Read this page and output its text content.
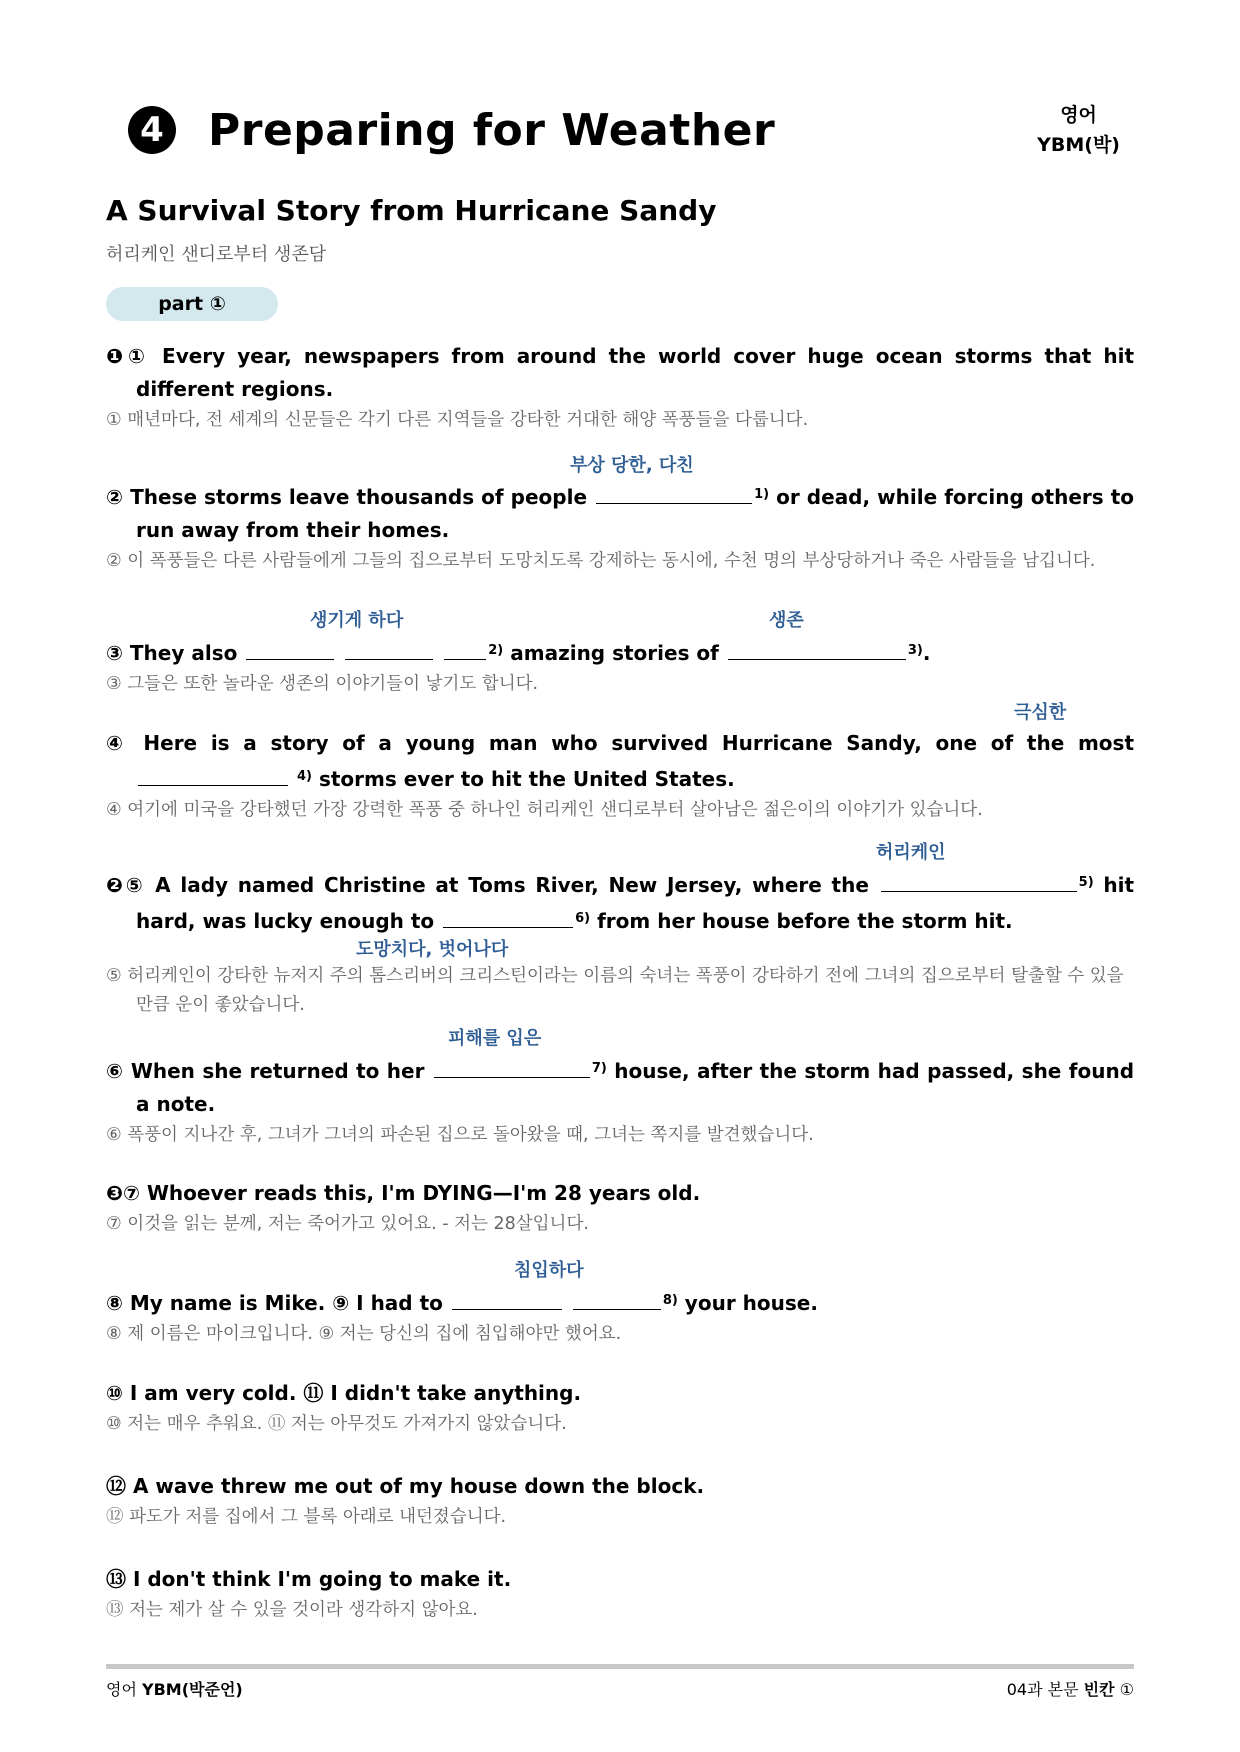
4 Preparing for Weather	영어
YBM(박)
A Survival Story from Hurricane Sandy
허리케인 샌디로부터 생존담
part ①
❶① Every year, newspapers from around the world cover huge ocean storms that hit different regions.
① 매년마다, 전 세계의 신문들은 각기 다른 지역들을 강타한 거대한 해양 폭풍들을 다룹니다.
부상 당한, 다친
② These storms leave thousands of people	$^{1)}$ or dead, while forcing others to run away from their homes.
② 이 폭풍들은 다른 사람들에게 그들의 집으로부터 도망치도록 강제하는 동시에, 수천 명의 부상당하거나 죽은 사람들을 남깁니다.
생기게 하다	생존
③ They also	$^{2)}$ amazing stories of	$^{3)}$.
③ 그들은 또한 놀라운 생존의 이야기들이 낳기도 합니다.
극심한
④ Here is a story of a young man who survived Hurricane Sandy, one of the most  $^{4)}$ storms ever to hit the United States.
④ 여기에 미국을 강타했던 가장 강력한 폭풍 중 하나인 허리케인 샌디로부터 살아남은 젊은이의 이야기가 있습니다.
허리케인
❷⑤ A lady named Christine at Toms River, New Jersey, where the	$^{5)}$ hit hard, was lucky enough to	$^{6)}$ from her house before the storm hit.
도망치다, 벗어나다
⑤ 허리케인이 강타한 뉴저지 주의 톰스리버의 크리스틴이라는 이름의 숙녀는 폭풍이 강타하기 전에 그녀의 집으로부터 탈출할 수 있을 만큼 운이 좋았습니다.
피해를 입은
⑥ When she returned to her	$^{7)}$ house, after the storm had passed, she found a note.
⑥ 폭풍이 지나간 후, 그녀가 그녀의 파손된 집으로 돌아왔을 때, 그녀는 쪽지를 발견했습니다.
❸⑦ Whoever reads this, I'm DYING—I'm 28 years old.
⑦ 이것을 읽는 분께, 저는 죽어가고 있어요. - 저는 28살입니다.
침입하다
⑧ My name is Mike. ⑨ I had to	$^{8)}$ your house.
⑧ 제 이름은 마이크입니다. ⑨ 저는 당신의 집에 침입해야만 했어요.
⑩ I am very cold. ⑪ I didn't take anything.
⑩ 저는 매우 추워요. ⑪ 저는 아무것도 가져가지 않았습니다.
⑫ A wave threw me out of my house down the block.
⑫ 파도가 저를 집에서 그 블록 아래로 내던졌습니다.
⑬ I don't think I'm going to make it.
⑬ 저는 제가 살 수 있을 것이라 생각하지 않아요.
영어 YBM(박준언)	04과 본문 빈칸 ①
